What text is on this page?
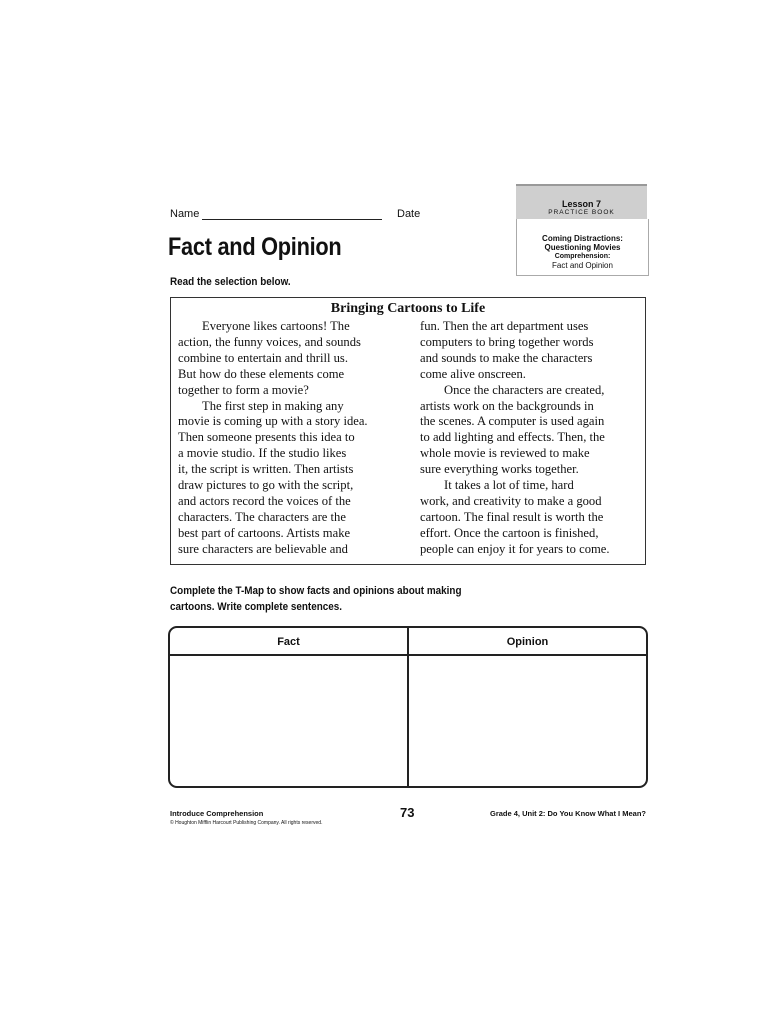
Name	Date
Lesson 7
PRACTICE BOOK
Coming Distractions:
Questioning Movies
Comprehension:
Fact and Opinion
Fact and Opinion
Read the selection below.
Bringing Cartoons to Life
Everyone likes cartoons! The
action, the funny voices, and sounds
combine to entertain and thrill us.
But how do these elements come
together to form a movie?
The first step in making any
movie is coming up with a story idea.
Then someone presents this idea to
a movie studio. If the studio likes
it, the script is written. Then artists
draw pictures to go with the script,
and actors record the voices of the
characters. The characters are the
best part of cartoons. Artists make
sure characters are believable and
fun. Then the art department uses
computers to bring together words
and sounds to make the characters
come alive onscreen.
Once the characters are created,
artists work on the backgrounds in
the scenes. A computer is used again
to add lighting and effects. Then, the
whole movie is reviewed to make
sure everything works together.
It takes a lot of time, hard
work, and creativity to make a good
cartoon. The final result is worth the
effort. Once the cartoon is finished,
people can enjoy it for years to come.
Complete the T-Map to show facts and opinions about making
cartoons. Write complete sentences.
Fact	Opinion
Introduce Comprehension
© Houghton Mifflin Harcourt Publishing Company. All rights reserved.
73	Grade 4, Unit 2: Do You Know What I Mean?
